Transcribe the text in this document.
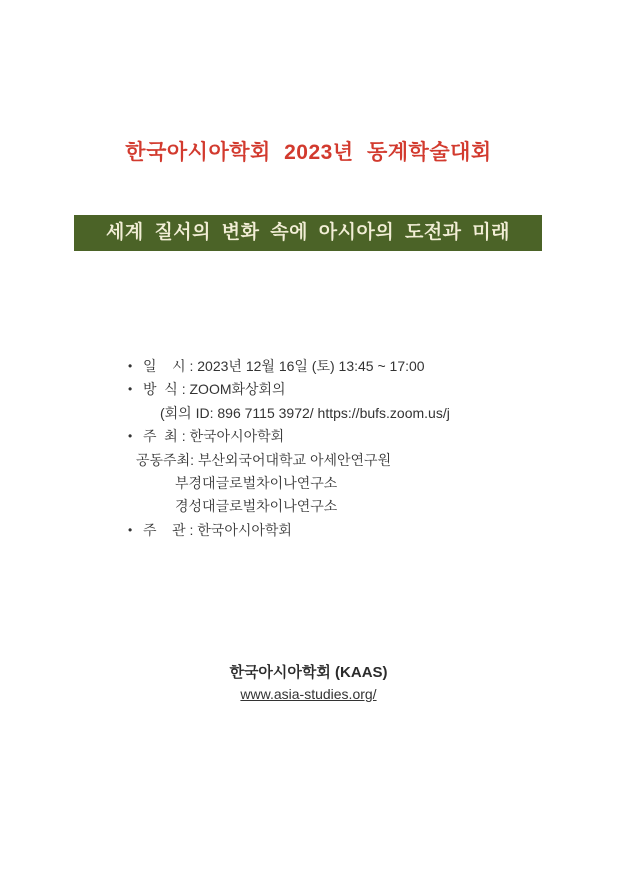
한국아시아학회 2023년 동계학술대회
세계 질서의 변화 속에 아시아의 도전과 미래
• 일    시 : 2023년 12월 16일 (토) 13:45 ~ 17:00
• 방  식 : ZOOM화상회의
(회의 ID: 896 7115 3972/ https://bufs.zoom.us/j
• 주  최 : 한국아시아학회
공동주최: 부산외국어대학교 아세안연구원
부경대글로벌차이나연구소
경성대글로벌차이나연구소
• 주    관 : 한국아시아학회
한국아시아학회 (KAAS)
www.asia-studies.org/
